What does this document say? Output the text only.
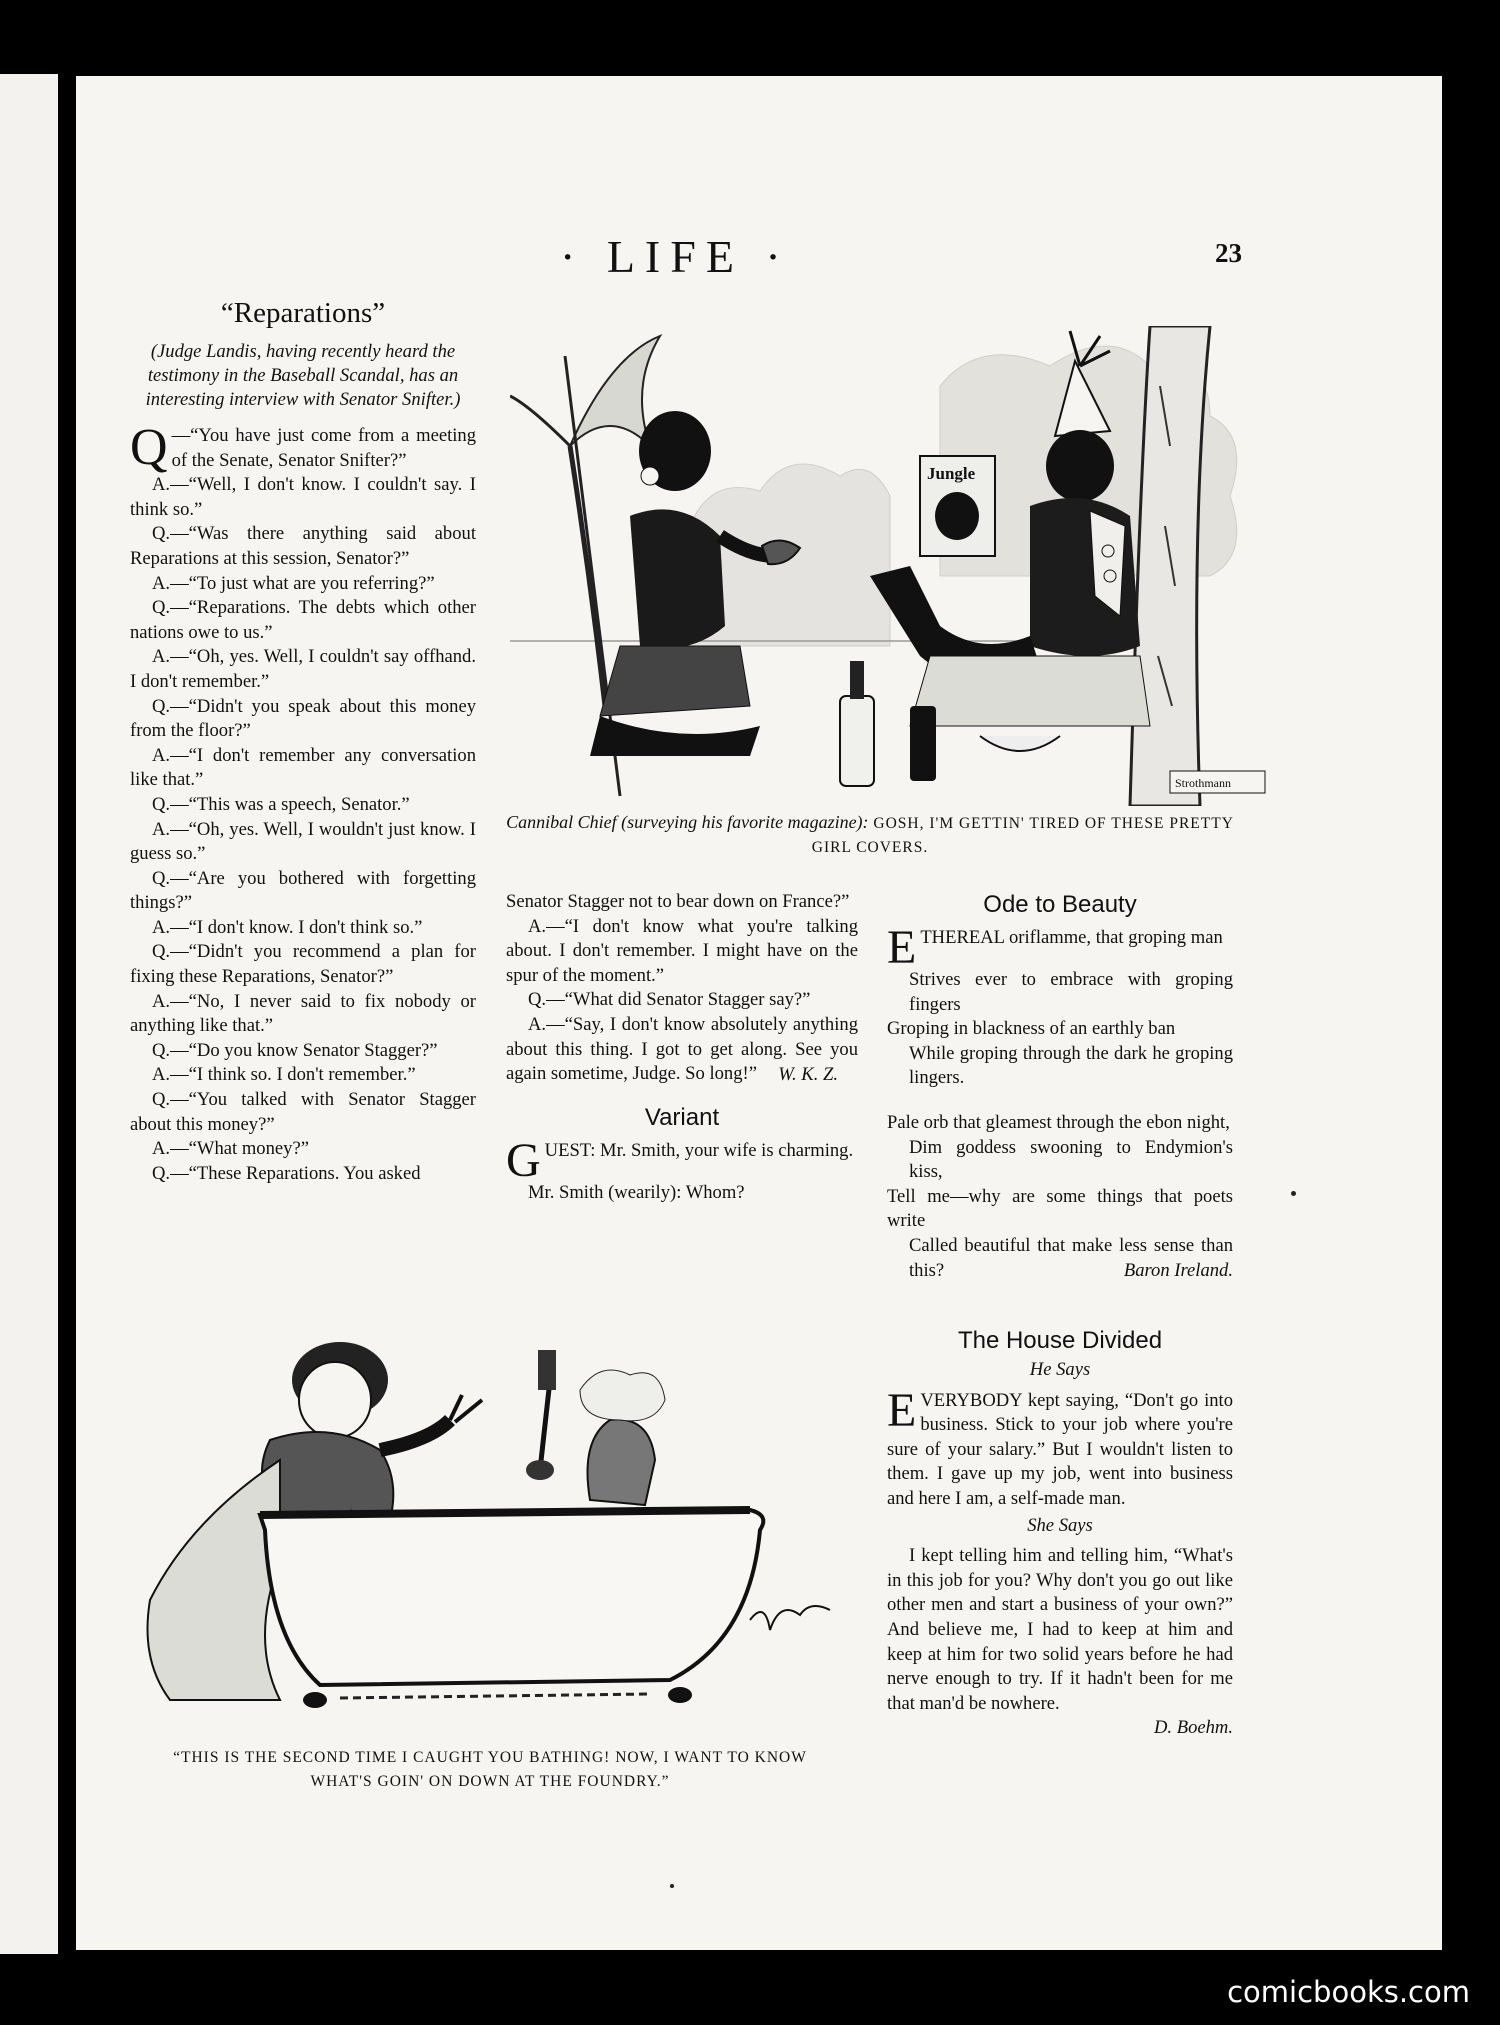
· LIFE ·	23
“Reparations”
(Judge Landis, having recently heard the testimony in the Baseball Scandal, has an interesting interview with Senator Snifter.)

Q —“You have just come from a meeting of the Senate, Senator Snifter?”

A.—“Well, I don't know. I couldn't say. I think so.”

Q.—“Was there anything said about Reparations at this session, Senator?”

A.—“To just what are you referring?”

Q.—“Reparations. The debts which other nations owe to us.”

A.—“Oh, yes. Well, I couldn't say offhand. I don't remember.”

Q.—“Didn't you speak about this money from the floor?”

A.—“I don't remember any conversation like that.”

Q.—“This was a speech, Senator.”

A.—“Oh, yes. Well, I wouldn't just know. I guess so.”

Q.—“Are you bothered with forgetting things?”

A.—“I don't know. I don't think so.”

Q.—“Didn't you recommend a plan for fixing these Reparations, Senator?”

A.—“No, I never said to fix nobody or anything like that.”

Q.—“Do you know Senator Stagger?”

A.—“I think so. I don't remember.”

Q.—“You talked with Senator Stagger about this money?”

A.—“What money?”

Q.—“These Reparations. You asked

Jungle
Strothmann
Cannibal Chief (surveying his favorite magazine): GOSH, I'M GETTIN' TIRED OF THESE PRETTY GIRL COVERS.

Senator Stagger not to bear down on France?”

A.—“I don't know what you're talking about. I don't remember. I might have on the spur of the moment.”

Q.—“What did Senator Stagger say?”

A.—“Say, I don't know absolutely anything about this thing. I got to get along. See you again sometime, Judge. So long!”	W. K. Z.
Variant

GUEST: Mr. Smith, your wife is charming.

Mr. Smith (wearily): Whom?

Ode to Beauty

ETHEREAL oriflamme, that groping man

Strives ever to embrace with groping fingers

Groping in blackness of an earthly ban

While groping through the dark he groping lingers.

Pale orb that gleamest through the ebon night,

Dim goddess swooning to Endymion's kiss,

Tell me—why are some things that poets write

Called beautiful that make less sense than this?	Baron Ireland.
The House Divided
He Says

EVERYBODY kept saying, “Don't go into business. Stick to your job where you're sure of your salary.” But I wouldn't listen to them. I gave up my job, went into business and here I am, a self-made man.

She Says

I kept telling him and telling him, “What's in this job for you? Why don't you go out like other men and start a business of your own?” And believe me, I had to keep at him and keep at him for two solid years before he had nerve enough to try. If it hadn't been for me that man'd be nowhere.

D. Boehm.
“THIS IS THE SECOND TIME I CAUGHT YOU BATHING! NOW, I WANT TO KNOW
WHAT'S GOIN' ON DOWN AT THE FOUNDRY.”
comicbooks.com
